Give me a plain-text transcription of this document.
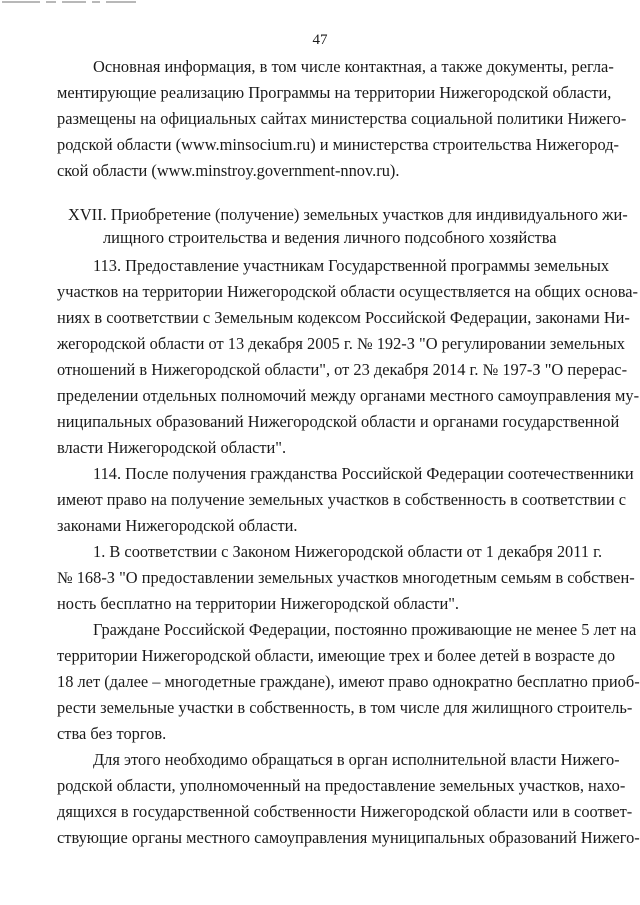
47
Основная информация, в том числе контактная, а также документы, регла-
ментирующие реализацию Программы на территории Нижегородской области,
размещены на официальных сайтах министерства социальной политики Нижего-
родской области (www.minsocium.ru) и министерства строительства Нижегород-
ской области (www.minstroy.government-nnov.ru).
XVII. Приобретение (получение) земельных участков для индивидуального жи-
лищного строительства и ведения личного подсобного хозяйства
113. Предоставление участникам Государственной программы земельных
участков на территории Нижегородской области осуществляется на общих основа-
ниях в соответствии с Земельным кодексом Российской Федерации, законами Ни-
жегородской области от 13 декабря 2005 г. № 192-З "О регулировании земельных
отношений в Нижегородской области", от 23 декабря 2014 г. № 197-З "О перерас-
пределении отдельных полномочий между органами местного самоуправления му-
ниципальных образований Нижегородской области и органами государственной
власти Нижегородской области".
114. После получения гражданства Российской Федерации соотечественники
имеют право на получение земельных участков в собственность в соответствии с
законами Нижегородской области.
1. В соответствии с Законом Нижегородской области от 1 декабря 2011 г.
№ 168-З "О предоставлении земельных участков многодетным семьям в собствен-
ность бесплатно на территории Нижегородской области".
Граждане Российской Федерации, постоянно проживающие не менее 5 лет на
территории Нижегородской области, имеющие трех и более детей в возрасте до
18 лет (далее – многодетные граждане), имеют право однократно бесплатно приоб-
рести земельные участки в собственность, в том числе для жилищного строитель-
ства без торгов.
Для этого необходимо обращаться в орган исполнительной власти Нижего-
родской области, уполномоченный на предоставление земельных участков, нахо-
дящихся в государственной собственности Нижегородской области или в соответ-
ствующие органы местного самоуправления муниципальных образований Нижего-
